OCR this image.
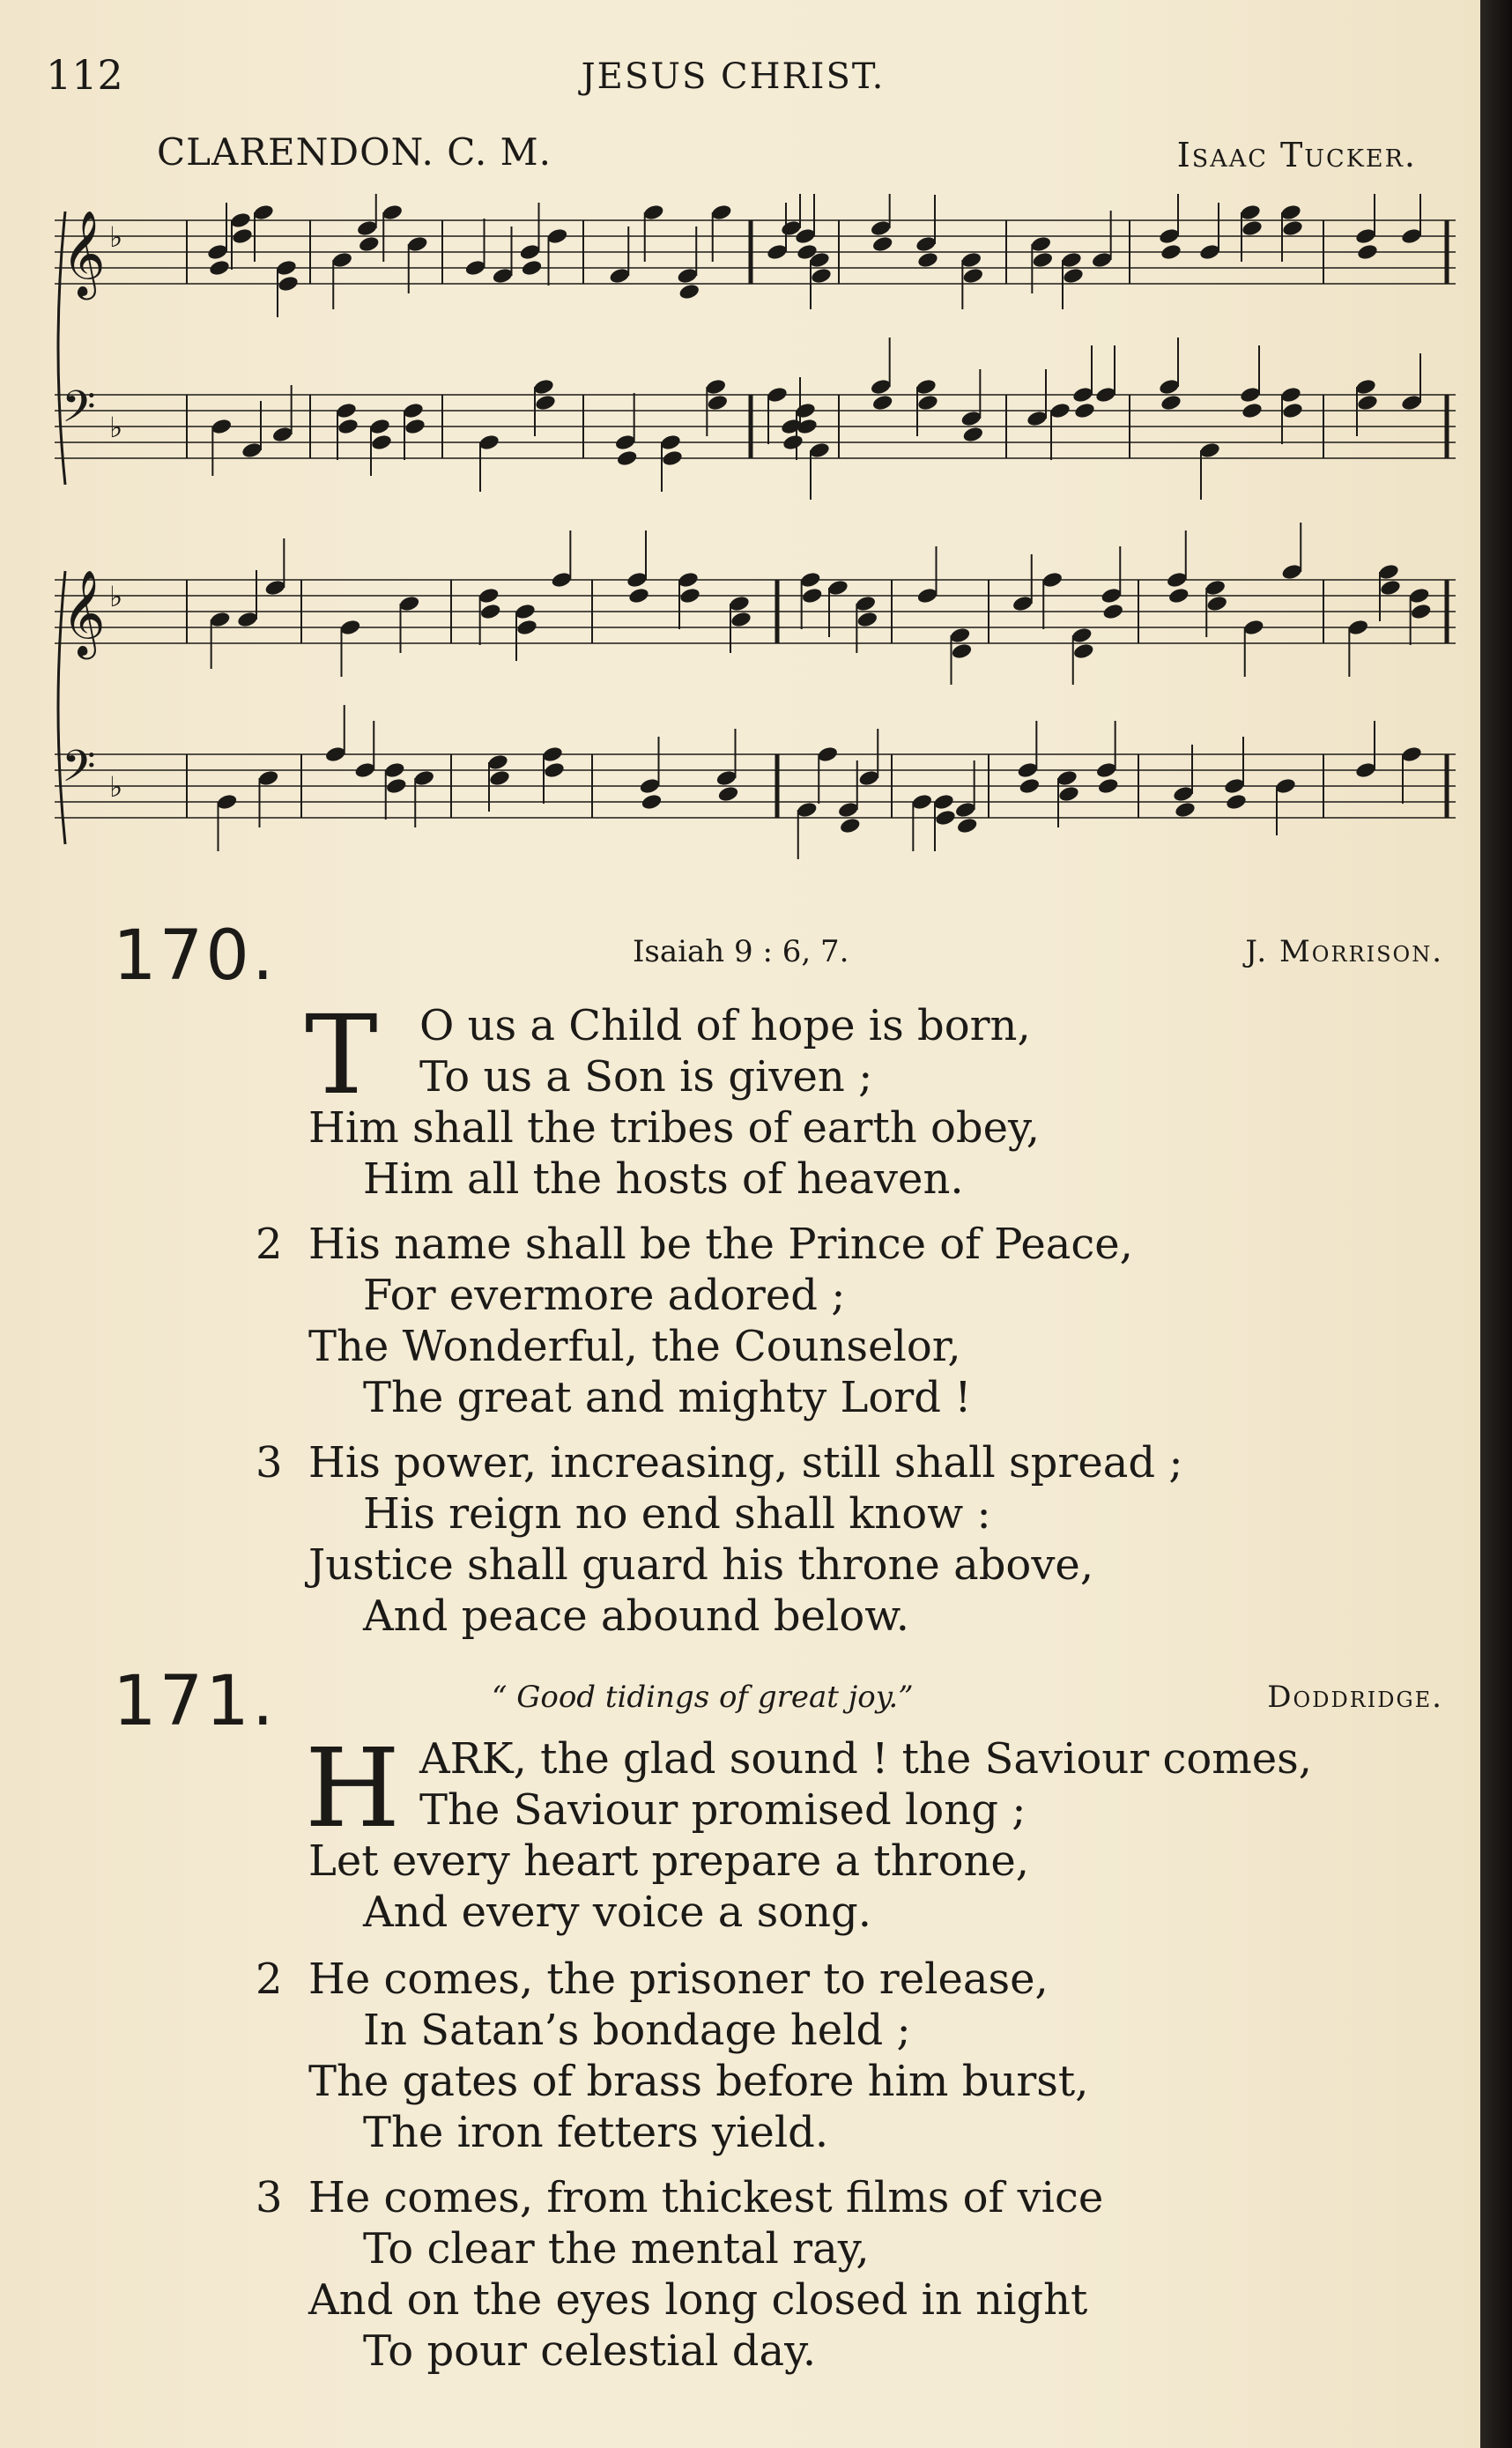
112	JESUS CHRIST.
CLARENDON. C. M.	Isaac Tucker.
𝄞 ♭
𝄢 ♭
𝄞 ♭
𝄢 ♭
170.	Isaiah 9 : 6, 7.	J. Morrison.
T O us a Child of hope is born,
To us a Son is given ;
Him shall the tribes of earth obey,
Him all the hosts of heaven.
2 His name shall be the Prince of Peace,
For evermore adored ;
The Wonderful, the Counselor,
The great and mighty Lord !
3 His power, increasing, still shall spread ;
His reign no end shall know :
Justice shall guard his throne above,
And peace abound below.
171.	“ Good tidings of great joy.”	Doddridge.
H ARK, the glad sound ! the Saviour comes,
The Saviour promised long ;
Let every heart prepare a throne,
And every voice a song.
2 He comes, the prisoner to release,
In Satan’s bondage held ;
The gates of brass before him burst,
The iron fetters yield.
3 He comes, from thickest films of vice
To clear the mental ray,
And on the eyes long closed in night
To pour celestial day.
